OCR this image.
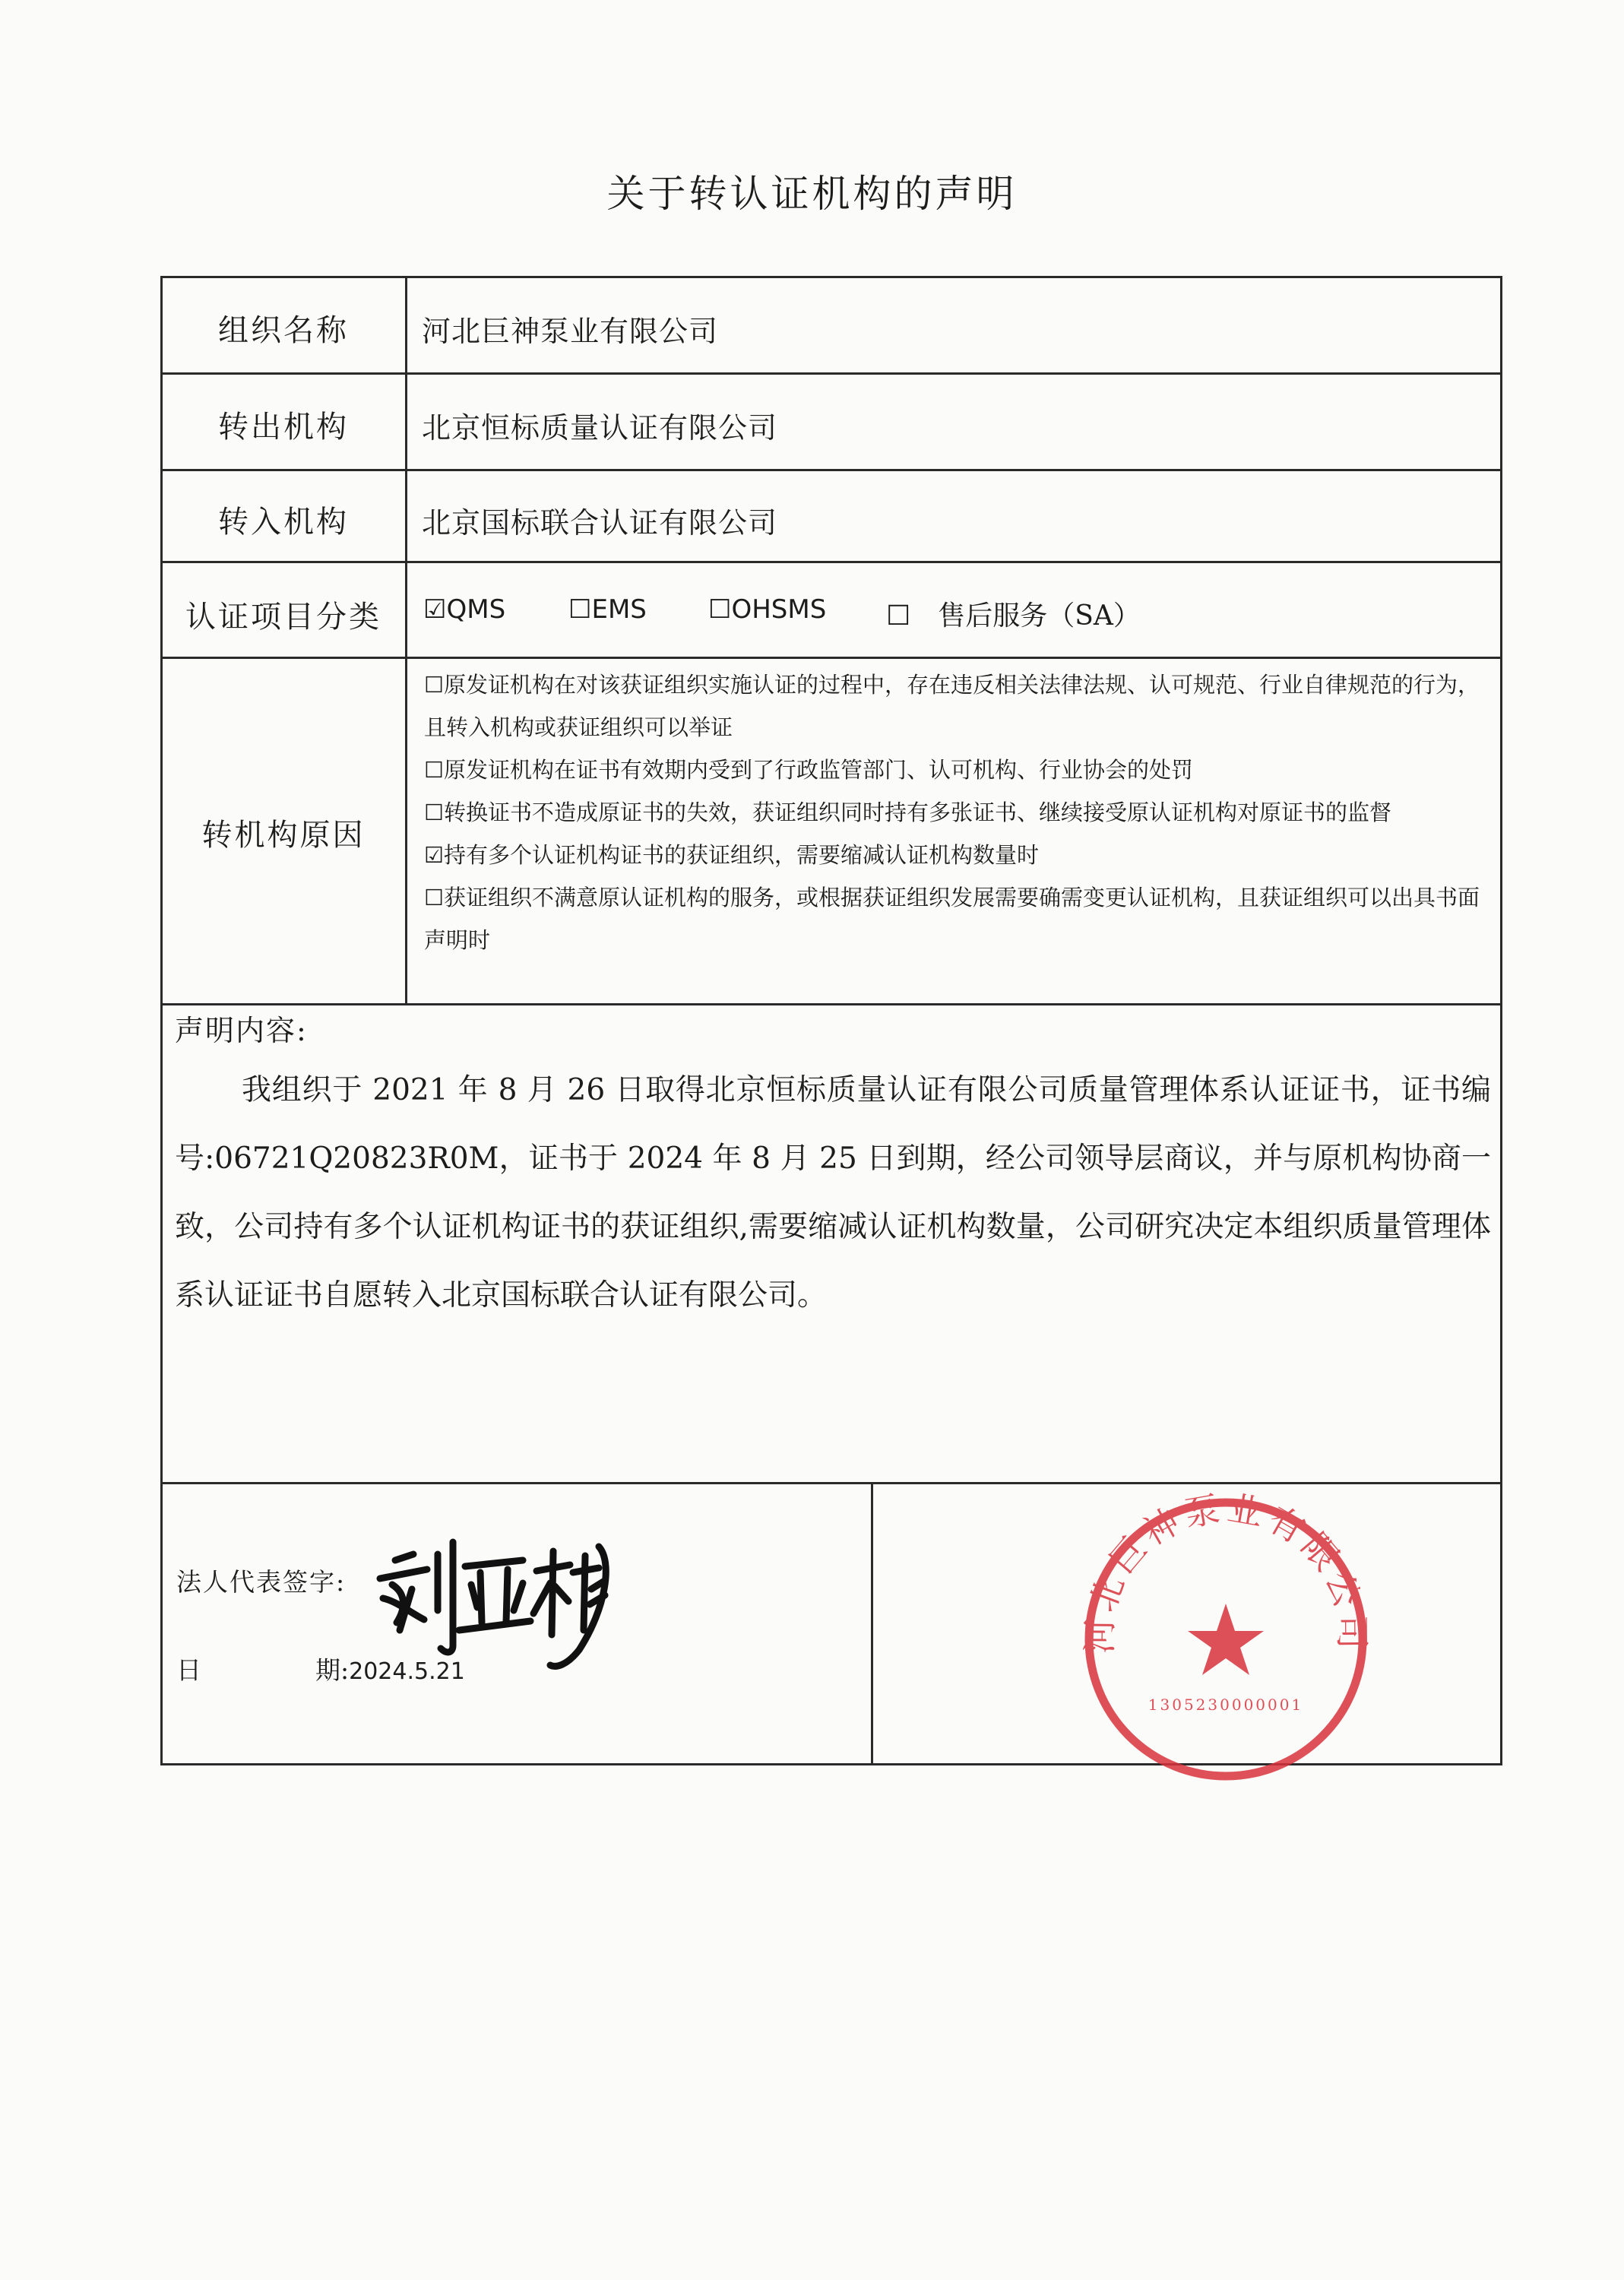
关于转认证机构的声明
组织名称	河北巨神泵业有限公司
转出机构	北京恒标质量认证有限公司
转入机构	北京国标联合认证有限公司
认证项目分类	☑QMS ☐EMS ☐OHSMS ☐　售后服务（SA）
转机构原因

☐原发证机构在对该获证组织实施认证的过程中，存在违反相关法律法规、认可规范、行业自律规范的行为，且转入机构或获证组织可以举证

☐原发证机构在证书有效期内受到了行政监管部门、认可机构、行业协会的处罚

☐转换证书不造成原证书的失效，获证组织同时持有多张证书、继续接受原认证机构对原证书的监督

☑持有多个认证机构证书的获证组织，需要缩减认证机构数量时

☐获证组织不满意原认证机构的服务，或根据获证组织发展需要确需变更认证机构，且获证组织可以出具书面声明时

声明内容:
我组织于 2021 年 8 月 26 日取得北京恒标质量认证有限公司质量管理体系认证证书，证书编号:06721Q20823R0M，证书于 2024 年 8 月 25 日到期，经公司领导层商议，并与原机构协商一致，公司持有多个认证机构证书的获证组织,需要缩减认证机构数量，公司研究决定本组织质量管理体系认证证书自愿转入北京国标联合认证有限公司。
法人代表签字:
日	期:2024.5.21
河北巨神泵业有限公司
1305230000001
